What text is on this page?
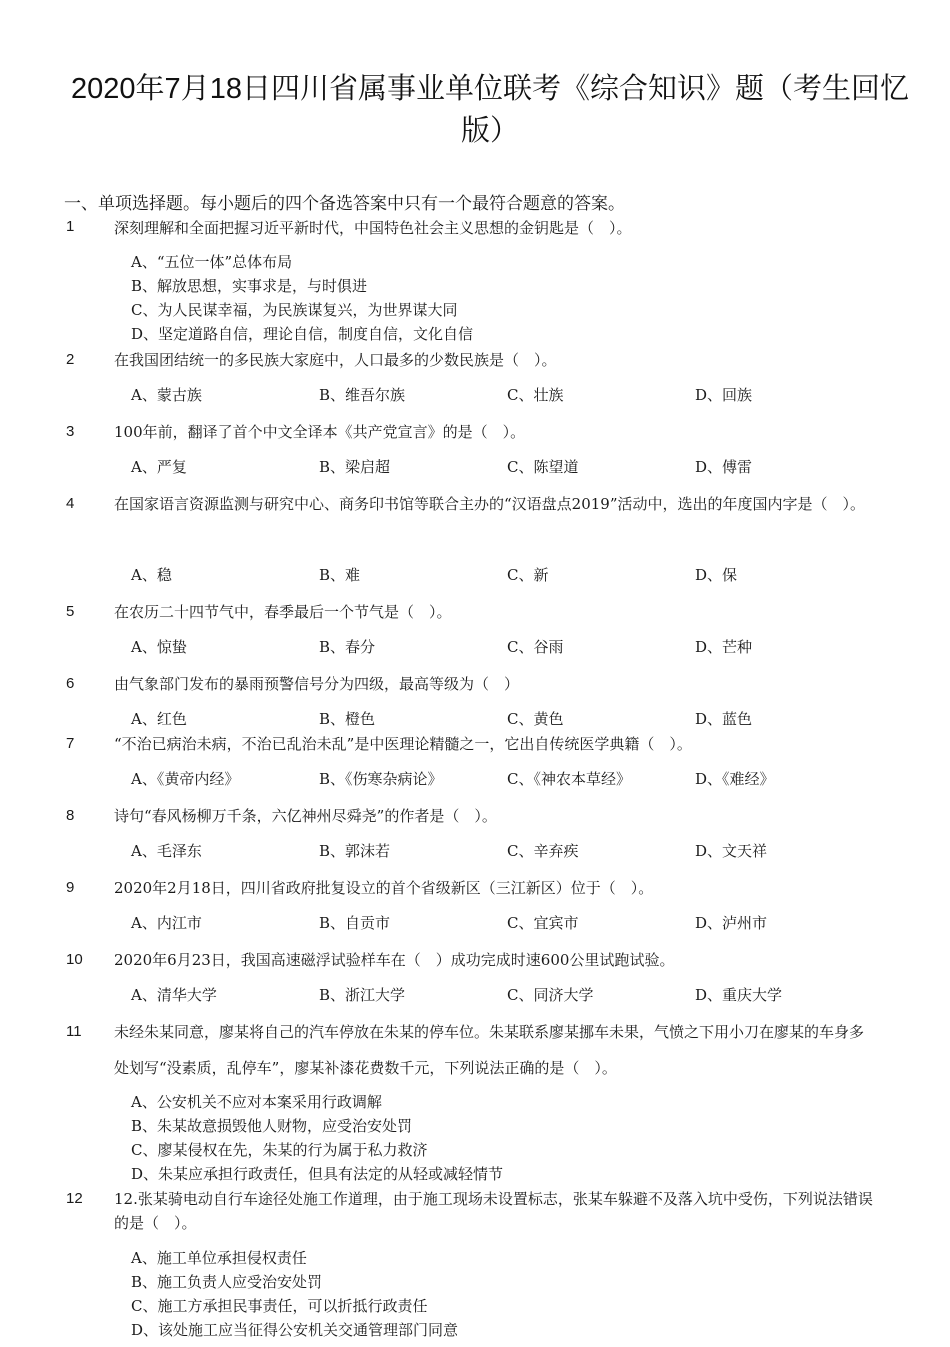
2020年7月18日四川省属事业单位联考《综合知识》题（考生回忆版）
一、单项选择题。每小题后的四个备选答案中只有一个最符合题意的答案。
1	深刻理解和全面把握习近平新时代，中国特色社会主义思想的金钥匙是（　）。
A、“五位一体”总体布局
B、解放思想，实事求是，与时俱进
C、为人民谋幸福，为民族谋复兴，为世界谋大同
D、坚定道路自信，理论自信，制度自信，文化自信
2	在我国团结统一的多民族大家庭中，人口最多的少数民族是（　）。
A、蒙古族	B、维吾尔族	C、壮族	D、回族
3	100年前，翻译了首个中文全译本《共产党宣言》的是（　）。
A、严复	B、梁启超	C、陈望道	D、傅雷
4	在国家语言资源监测与研究中心、商务印书馆等联合主办的“汉语盘点2019”活动中，选出的年度国内字是（　）。
A、稳	B、难	C、新	D、保
5	在农历二十四节气中，春季最后一个节气是（　）。
A、惊蛰	B、春分	C、谷雨	D、芒种
6	由气象部门发布的暴雨预警信号分为四级，最高等级为（　）
A、红色	B、橙色	C、黄色	D、蓝色
7	“不治已病治未病，不治已乱治未乱”是中医理论精髓之一，它出自传统医学典籍（　）。
A、《黄帝内经》	B、《伤寒杂病论》	C、《神农本草经》	D、《难经》
8	诗句“春风杨柳万千条，六亿神州尽舜尧”的作者是（　）。
A、毛泽东	B、郭沫若	C、辛弃疾	D、文天祥
9	2020年2月18日，四川省政府批复设立的首个省级新区（三江新区）位于（　）。
A、内江市	B、自贡市	C、宜宾市	D、泸州市
10 2020年6月23日，我国高速磁浮试验样车在（　）成功完成时速600公里试跑试验。
A、清华大学	B、浙江大学	C、同济大学	D、重庆大学
11 未经朱某同意，廖某将自己的汽车停放在朱某的停车位。朱某联系廖某挪车未果，气愤之下用小刀在廖某的车身多处划写“没素质，乱停车”，廖某补漆花费数千元，下列说法正确的是（　）。
A、公安机关不应对本案采用行政调解
B、朱某故意损毁他人财物，应受治安处罚
C、廖某侵权在先，朱某的行为属于私力救济
D、朱某应承担行政责任，但具有法定的从轻或减轻情节
12 12.张某骑电动自行车途径处施工作道理，由于施工现场未设置标志，张某车躲避不及落入坑中受伤，下列说法错误的是（　）。
A、施工单位承担侵权责任
B、施工负责人应受治安处罚
C、施工方承担民事责任，可以折抵行政责任
D、该处施工应当征得公安机关交通管理部门同意
